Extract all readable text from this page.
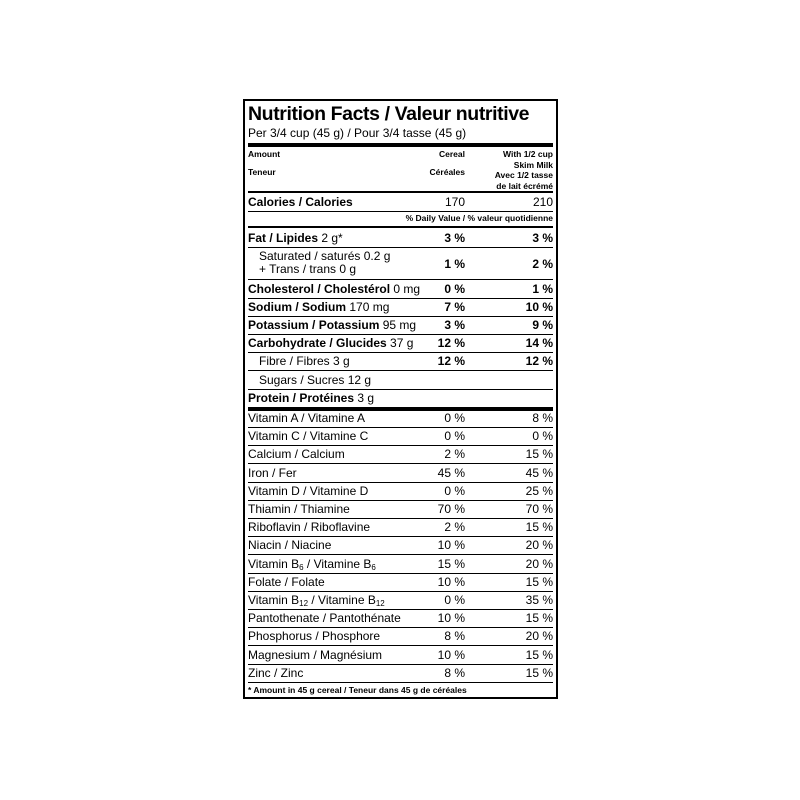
Nutrition Facts / Valeur nutritive
Per 3/4 cup (45 g) / Pour 3/4 tasse (45 g)
Amount
Teneur
Cereal
Céréales
With 1/2 cup
Skim Milk
Avec 1/2 tasse
de lait écrémé
Calories / Calories	170	210
% Daily Value / % valeur quotidienne
Fat / Lipides 2 g*	3 %	3 %
Saturated / saturés 0.2 g
+ Trans / trans 0 g	1 %	2 %
Cholesterol / Cholestérol 0 mg 0 %	1 %
Sodium / Sodium 170 mg	7 %	10 %
Potassium / Potassium 95 mg 3 %	9 %
Carbohydrate / Glucides 37 g 12 %	14 %
Fibre / Fibres 3 g	12 %	12 %
Sugars / Sucres 12 g
Protein / Protéines 3 g
* Amount in 45 g cereal / Teneur dans 45 g de céréales
Vitamin A / Vitamine A	0 %	8 %
Vitamin C / Vitamine C	0 %	0 %
Calcium / Calcium	2 %	15 %
Iron / Fer	45 %	45 %
Vitamin D / Vitamine D	0 %	25 %
Thiamin / Thiamine	70 %	70 %
Riboflavin / Riboflavine	2 %	15 %
Niacin / Niacine	10 %	20 %
Vitamin $B_6$ / Vitamine $B_6$	15 %	20 %
Folate / Folate	10 %	15 %
Vitamin $B_{12}$ / Vitamine $B_{12}$	0 %	35 %
Pantothenate / Pantothénate	10 %	15 %
Phosphorus / Phosphore	8 %	20 %
Magnesium / Magnésium	10 %	15 %
Zinc / Zinc	8 %	15 %
